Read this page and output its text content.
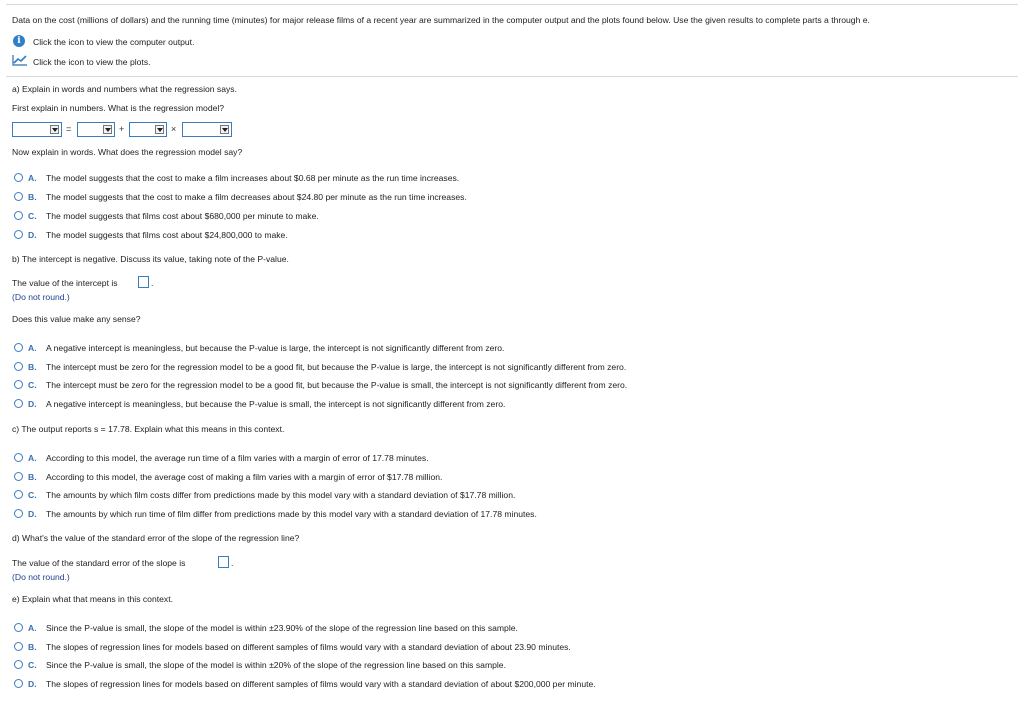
Data on the cost (millions of dollars) and the running time (minutes) for major release films of a recent year are summarized in the computer output and the plots found below. Use the given results to complete parts a through e.
i	Click the icon to view the computer output.
Click the icon to view the plots.
a) Explain in words and numbers what the regression says.
First explain in numbers. What is the regression model?
=	+	×
Now explain in words. What does the regression model say?
A. The model suggests that the cost to make a film increases about $0.68 per minute as the run time increases.
B. The model suggests that the cost to make a film decreases about $24.80 per minute as the run time increases.
C. The model suggests that films cost about $680,000 per minute to make.
D. The model suggests that films cost about $24,800,000 to make.
b) The intercept is negative. Discuss its value, taking note of the P-value.
The value of the intercept is	.
(Do not round.)
Does this value make any sense?
A. A negative intercept is meaningless, but because the P-value is large, the intercept is not significantly different from zero.
B. The intercept must be zero for the regression model to be a good fit, but because the P-value is large, the intercept is not significantly different from zero.
C. The intercept must be zero for the regression model to be a good fit, but because the P-value is small, the intercept is not significantly different from zero.
D. A negative intercept is meaningless, but because the P-value is small, the intercept is not significantly different from zero.
c) The output reports s = 17.78. Explain what this means in this context.
A. According to this model, the average run time of a film varies with a margin of error of 17.78 minutes.
B. According to this model, the average cost of making a film varies with a margin of error of $17.78 million.
C. The amounts by which film costs differ from predictions made by this model vary with a standard deviation of $17.78 million.
D. The amounts by which run time of film differ from predictions made by this model vary with a standard deviation of 17.78 minutes.
d) What's the value of the standard error of the slope of the regression line?
The value of the standard error of the slope is	.
(Do not round.)
e) Explain what that means in this context.
A. Since the P-value is small, the slope of the model is within ±23.90% of the slope of the regression line based on this sample.
B. The slopes of regression lines for models based on different samples of films would vary with a standard deviation of about 23.90 minutes.
C. Since the P-value is small, the slope of the model is within ±20% of the slope of the regression line based on this sample.
D. The slopes of regression lines for models based on different samples of films would vary with a standard deviation of about $200,000 per minute.
